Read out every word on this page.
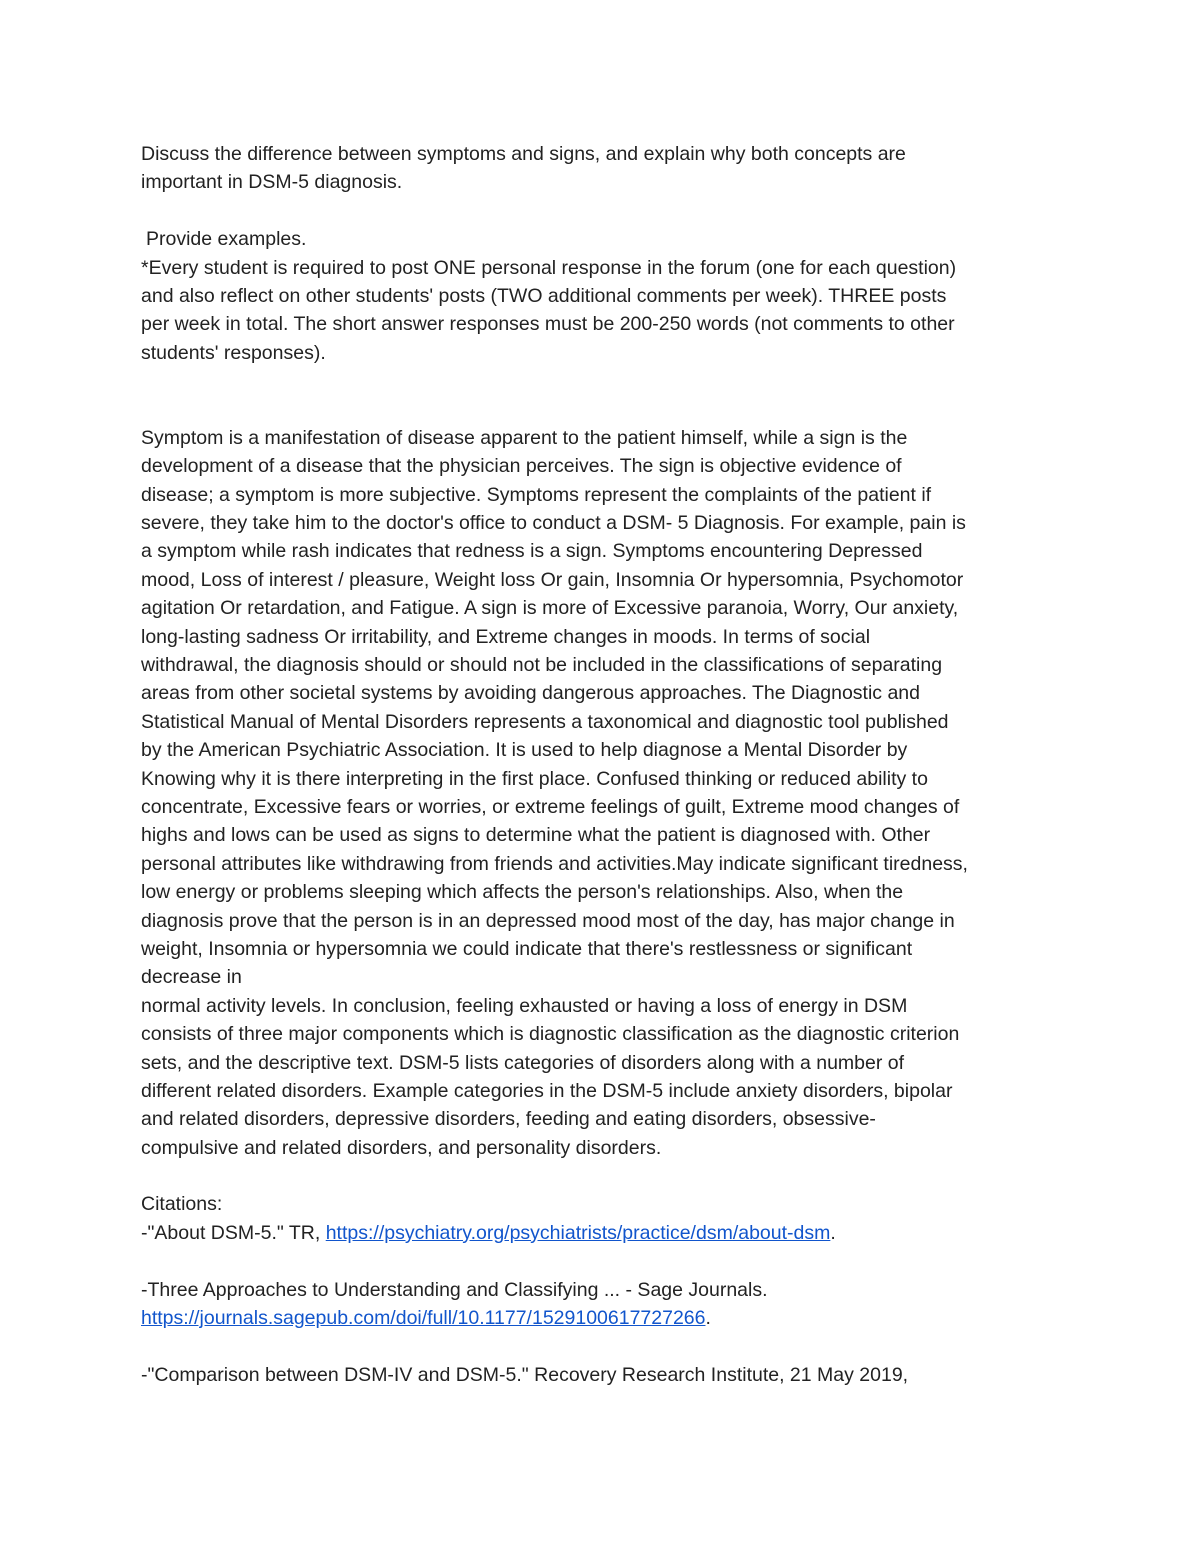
Discuss the difference between symptoms and signs, and explain why both concepts are
important in DSM-5 diagnosis.
Provide examples.
*Every student is required to post ONE personal response in the forum (one for each question)
and also reflect on other students' posts (TWO additional comments per week). THREE posts
per week in total. The short answer responses must be 200-250 words (not comments to other
students' responses).
Symptom is a manifestation of disease apparent to the patient himself, while a sign is the
development of a disease that the physician perceives. The sign is objective evidence of
disease; a symptom is more subjective. Symptoms represent the complaints of the patient if
severe, they take him to the doctor's office to conduct a DSM- 5 Diagnosis. For example, pain is
a symptom while rash indicates that redness is a sign. Symptoms encountering Depressed
mood, Loss of interest / pleasure, Weight loss Or gain, Insomnia Or hypersomnia, Psychomotor
agitation Or retardation, and Fatigue. A sign is more of Excessive paranoia, Worry, Our anxiety,
long-lasting sadness Or irritability, and Extreme changes in moods. In terms of social
withdrawal, the diagnosis should or should not be included in the classifications of separating
areas from other societal systems by avoiding dangerous approaches. The Diagnostic and
Statistical Manual of Mental Disorders represents a taxonomical and diagnostic tool published
by the American Psychiatric Association. It is used to help diagnose a Mental Disorder by
Knowing why it is there interpreting in the first place. Confused thinking or reduced ability to
concentrate, Excessive fears or worries, or extreme feelings of guilt, Extreme mood changes of
highs and lows can be used as signs to determine what the patient is diagnosed with. Other
personal attributes like withdrawing from friends and activities.May indicate significant tiredness,
low energy or problems sleeping which affects the person's relationships. Also, when the
diagnosis prove that the person is in an depressed mood most of the day, has major change in
weight, Insomnia or hypersomnia we could indicate that there's restlessness or significant
decrease in
normal activity levels. In conclusion, feeling exhausted or having a loss of energy in DSM
consists of three major components which is diagnostic classification as the diagnostic criterion
sets, and the descriptive text. DSM-5 lists categories of disorders along with a number of
different related disorders. Example categories in the DSM-5 include anxiety disorders, bipolar
and related disorders, depressive disorders, feeding and eating disorders, obsessive-
compulsive and related disorders, and personality disorders.
Citations:
-"About DSM-5." TR, https://psychiatry.org/psychiatrists/practice/dsm/about-dsm.
-Three Approaches to Understanding and Classifying ... - Sage Journals.
https://journals.sagepub.com/doi/full/10.1177/1529100617727266.
-"Comparison between DSM-IV and DSM-5." Recovery Research Institute, 21 May 2019,
